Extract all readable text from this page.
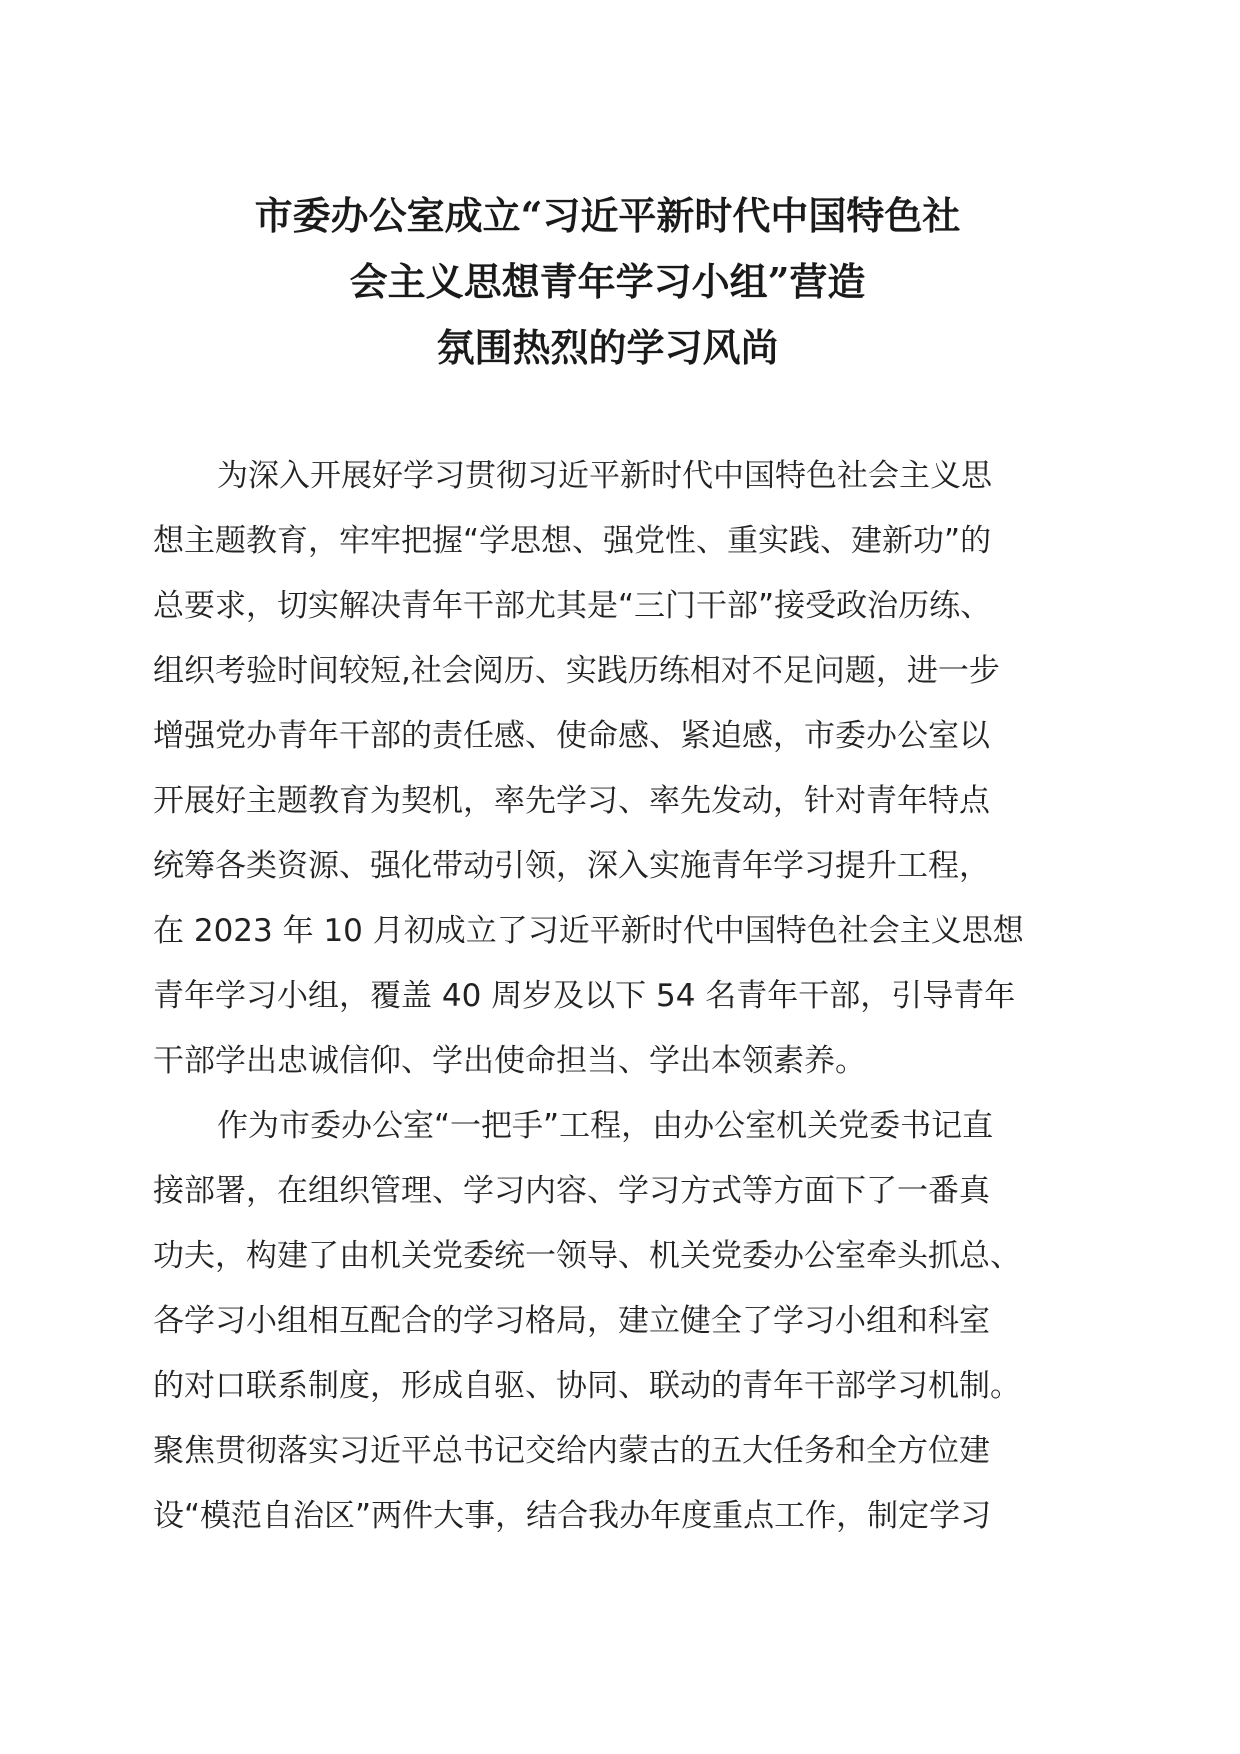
市委办公室成立“习近平新时代中国特色社
会主义思想青年学习小组”营造
氛围热烈的学习风尚
为深入开展好学习贯彻习近平新时代中国特色社会主义思
想主题教育，牢牢把握“学思想、强党性、重实践、建新功”的
总要求，切实解决青年干部尤其是“三门干部”接受政治历练、
组织考验时间较短,社会阅历、实践历练相对不足问题，进一步
增强党办青年干部的责任感、使命感、紧迫感，市委办公室以
开展好主题教育为契机，率先学习、率先发动，针对青年特点
统筹各类资源、强化带动引领，深入实施青年学习提升工程，
在 2023 年 10 月初成立了习近平新时代中国特色社会主义思想
青年学习小组，覆盖 40 周岁及以下 54 名青年干部，引导青年
干部学出忠诚信仰、学出使命担当、学出本领素养。
作为市委办公室“一把手”工程，由办公室机关党委书记直
接部署，在组织管理、学习内容、学习方式等方面下了一番真
功夫，构建了由机关党委统一领导、机关党委办公室牵头抓总、
各学习小组相互配合的学习格局，建立健全了学习小组和科室
的对口联系制度，形成自驱、协同、联动的青年干部学习机制。
聚焦贯彻落实习近平总书记交给内蒙古的五大任务和全方位建
设“模范自治区”两件大事，结合我办年度重点工作，制定学习
